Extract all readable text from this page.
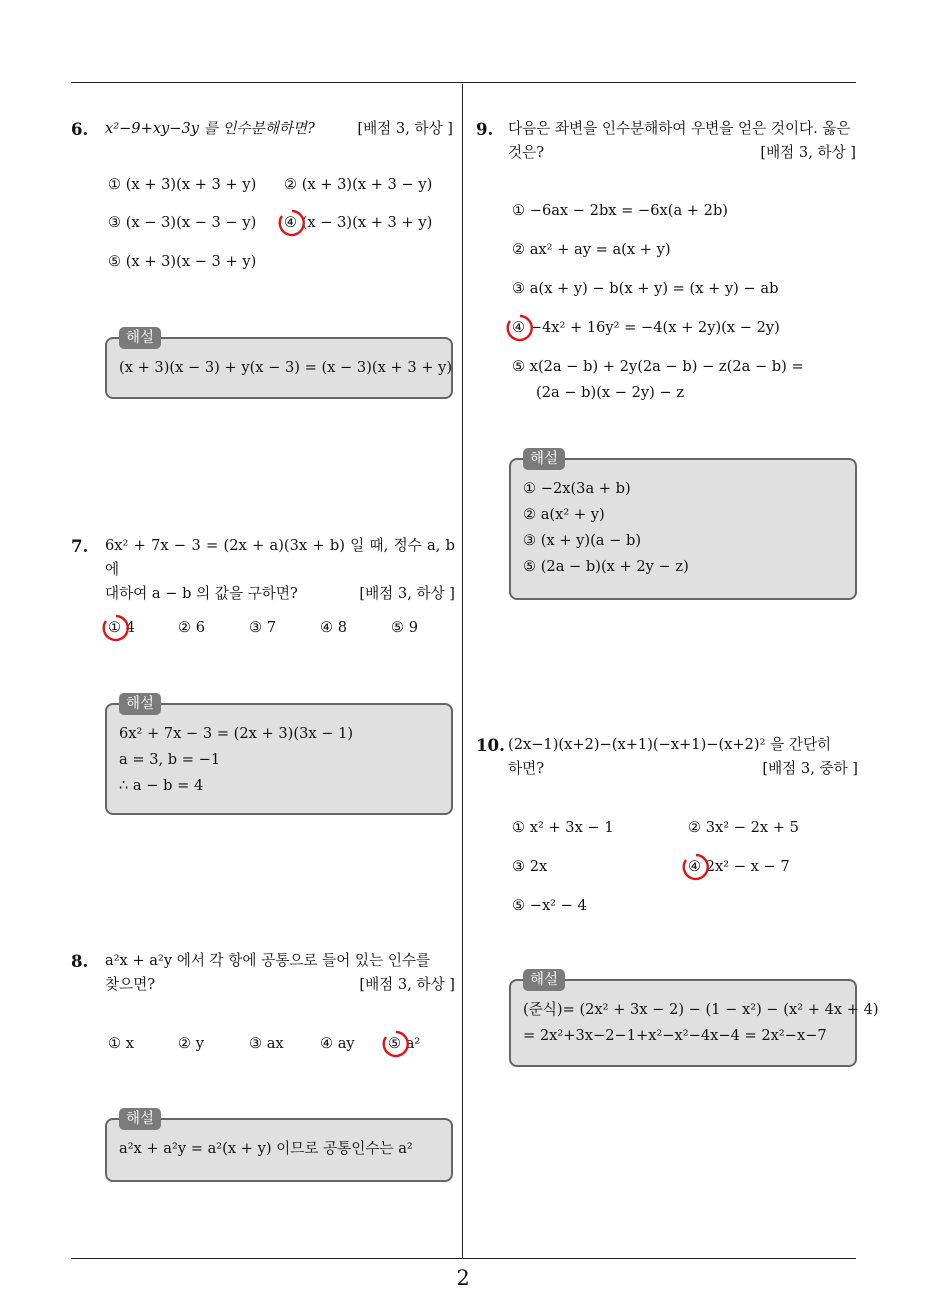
2
6. x²−9+xy−3y 를 인수분해하면?	[배점 3, 하상 ]
① (x + 3)(x + 3 + y) ② (x + 3)(x + 3 − y)
③ (x − 3)(x − 3 − y) ④ (x − 3)(x + 3 + y)
⑤ (x + 3)(x − 3 + y)
해설
(x + 3)(x − 3) + y(x − 3) = (x − 3)(x + 3 + y)
7. 6x² + 7x − 3 = (2x + a)(3x + b) 일 때, 정수 a, b 에
대하여 a − b 의 값을 구하면?	[배점 3, 하상 ]
① 4	② 6	③ 7	④ 8	⑤ 9
해설
6x² + 7x − 3 = (2x + 3)(3x − 1)
a = 3, b = −1
∴ a − b = 4
8. a²x + a²y 에서 각 항에 공통으로 들어 있는 인수를
찾으면?	[배점 3, 하상 ]
① x	② y	③ ax ④ ay ⑤ a²
해설
a²x + a²y = a²(x + y) 이므로 공통인수는 a²
9. 다음은 좌변을 인수분해하여 우변을 얻은 것이다. 옳은
것은?	[배점 3, 하상 ]
① −6ax − 2bx = −6x(a + 2b)
② ax² + ay = a(x + y)
③ a(x + y) − b(x + y) = (x + y) − ab
④ −4x² + 16y² = −4(x + 2y)(x − 2y)
⑤ x(2a − b) + 2y(2a − b) − z(2a − b) =
(2a − b)(x − 2y) − z
해설
① −2x(3a + b)
② a(x² + y)
③ (x + y)(a − b)
⑤ (2a − b)(x + 2y − z)
10. (2x−1)(x+2)−(x+1)(−x+1)−(x+2)² 을 간단히
하면?	[배점 3, 중하 ]
① x² + 3x − 1	② 3x² − 2x + 5
③ 2x	④ 2x² − x − 7
⑤ −x² − 4
해설
(준식)= (2x² + 3x − 2) − (1 − x²) − (x² + 4x + 4)
= 2x²+3x−2−1+x²−x²−4x−4 = 2x²−x−7
